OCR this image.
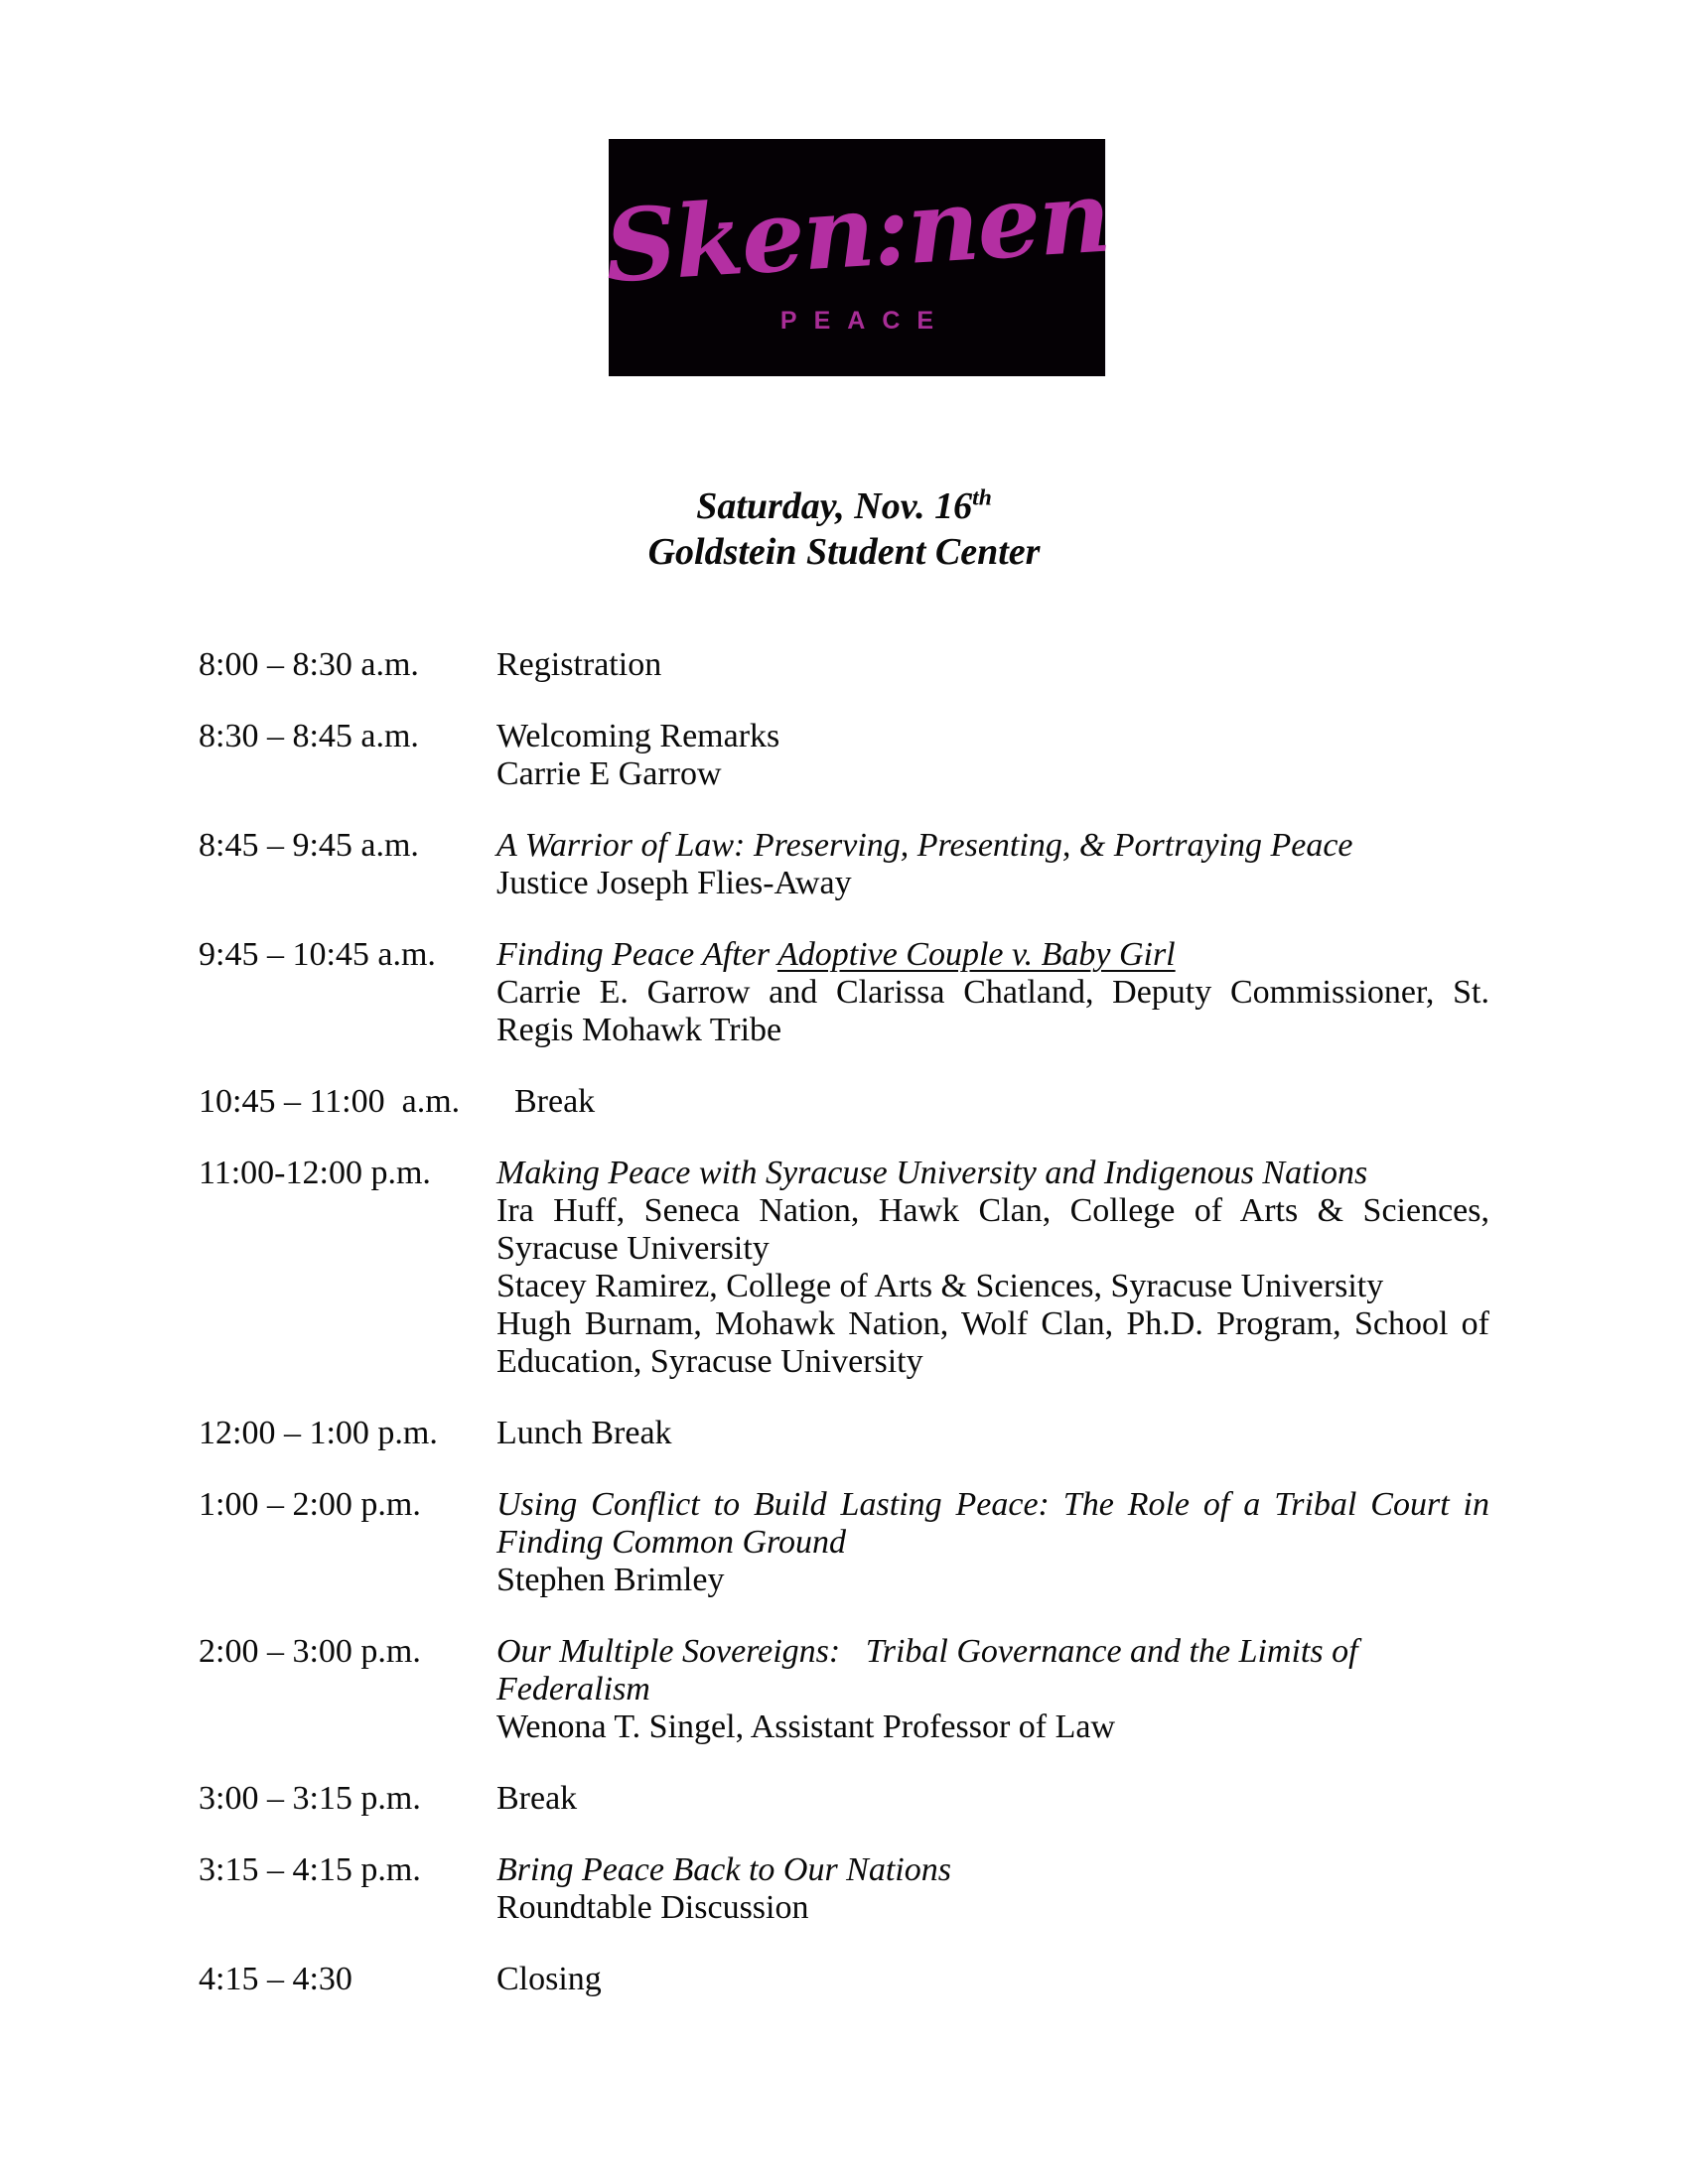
Sken:nen
PEACE
Saturday, Nov. 16th
Goldstein Student Center
8:00 – 8:30 a.m.	Registration

8:30 – 8:45 a.m.	Welcoming Remarks

Carrie E Garrow

8:45 – 9:45 a.m.	A Warrior of Law: Preserving, Presenting, & Portraying Peace

Justice Joseph Flies-Away

9:45 – 10:45 a.m.	Finding Peace After Adoptive Couple v. Baby Girl

Carrie E. Garrow and Clarissa Chatland, Deputy Commissioner, St. Regis Mohawk Tribe

10:45 – 11:00  a.m.	Break

11:00-12:00 p.m.	Making Peace with Syracuse University and Indigenous Nations

Ira Huff, Seneca Nation, Hawk Clan, College of Arts & Sciences, Syracuse University

Stacey Ramirez, College of Arts & Sciences, Syracuse University

Hugh Burnam, Mohawk Nation, Wolf Clan, Ph.D. Program, School of Education, Syracuse University

12:00 – 1:00 p.m.	Lunch Break

1:00 – 2:00 p.m.	Using Conflict to Build Lasting Peace: The Role of a Tribal Court in Finding Common Ground

Stephen Brimley

2:00 – 3:00 p.m.	Our Multiple Sovereigns:   Tribal Governance and the Limits of Federalism

Wenona T. Singel, Assistant Professor of Law

3:00 – 3:15 p.m.	Break

3:15 – 4:15 p.m.	Bring Peace Back to Our Nations

Roundtable Discussion

4:15 – 4:30	Closing
